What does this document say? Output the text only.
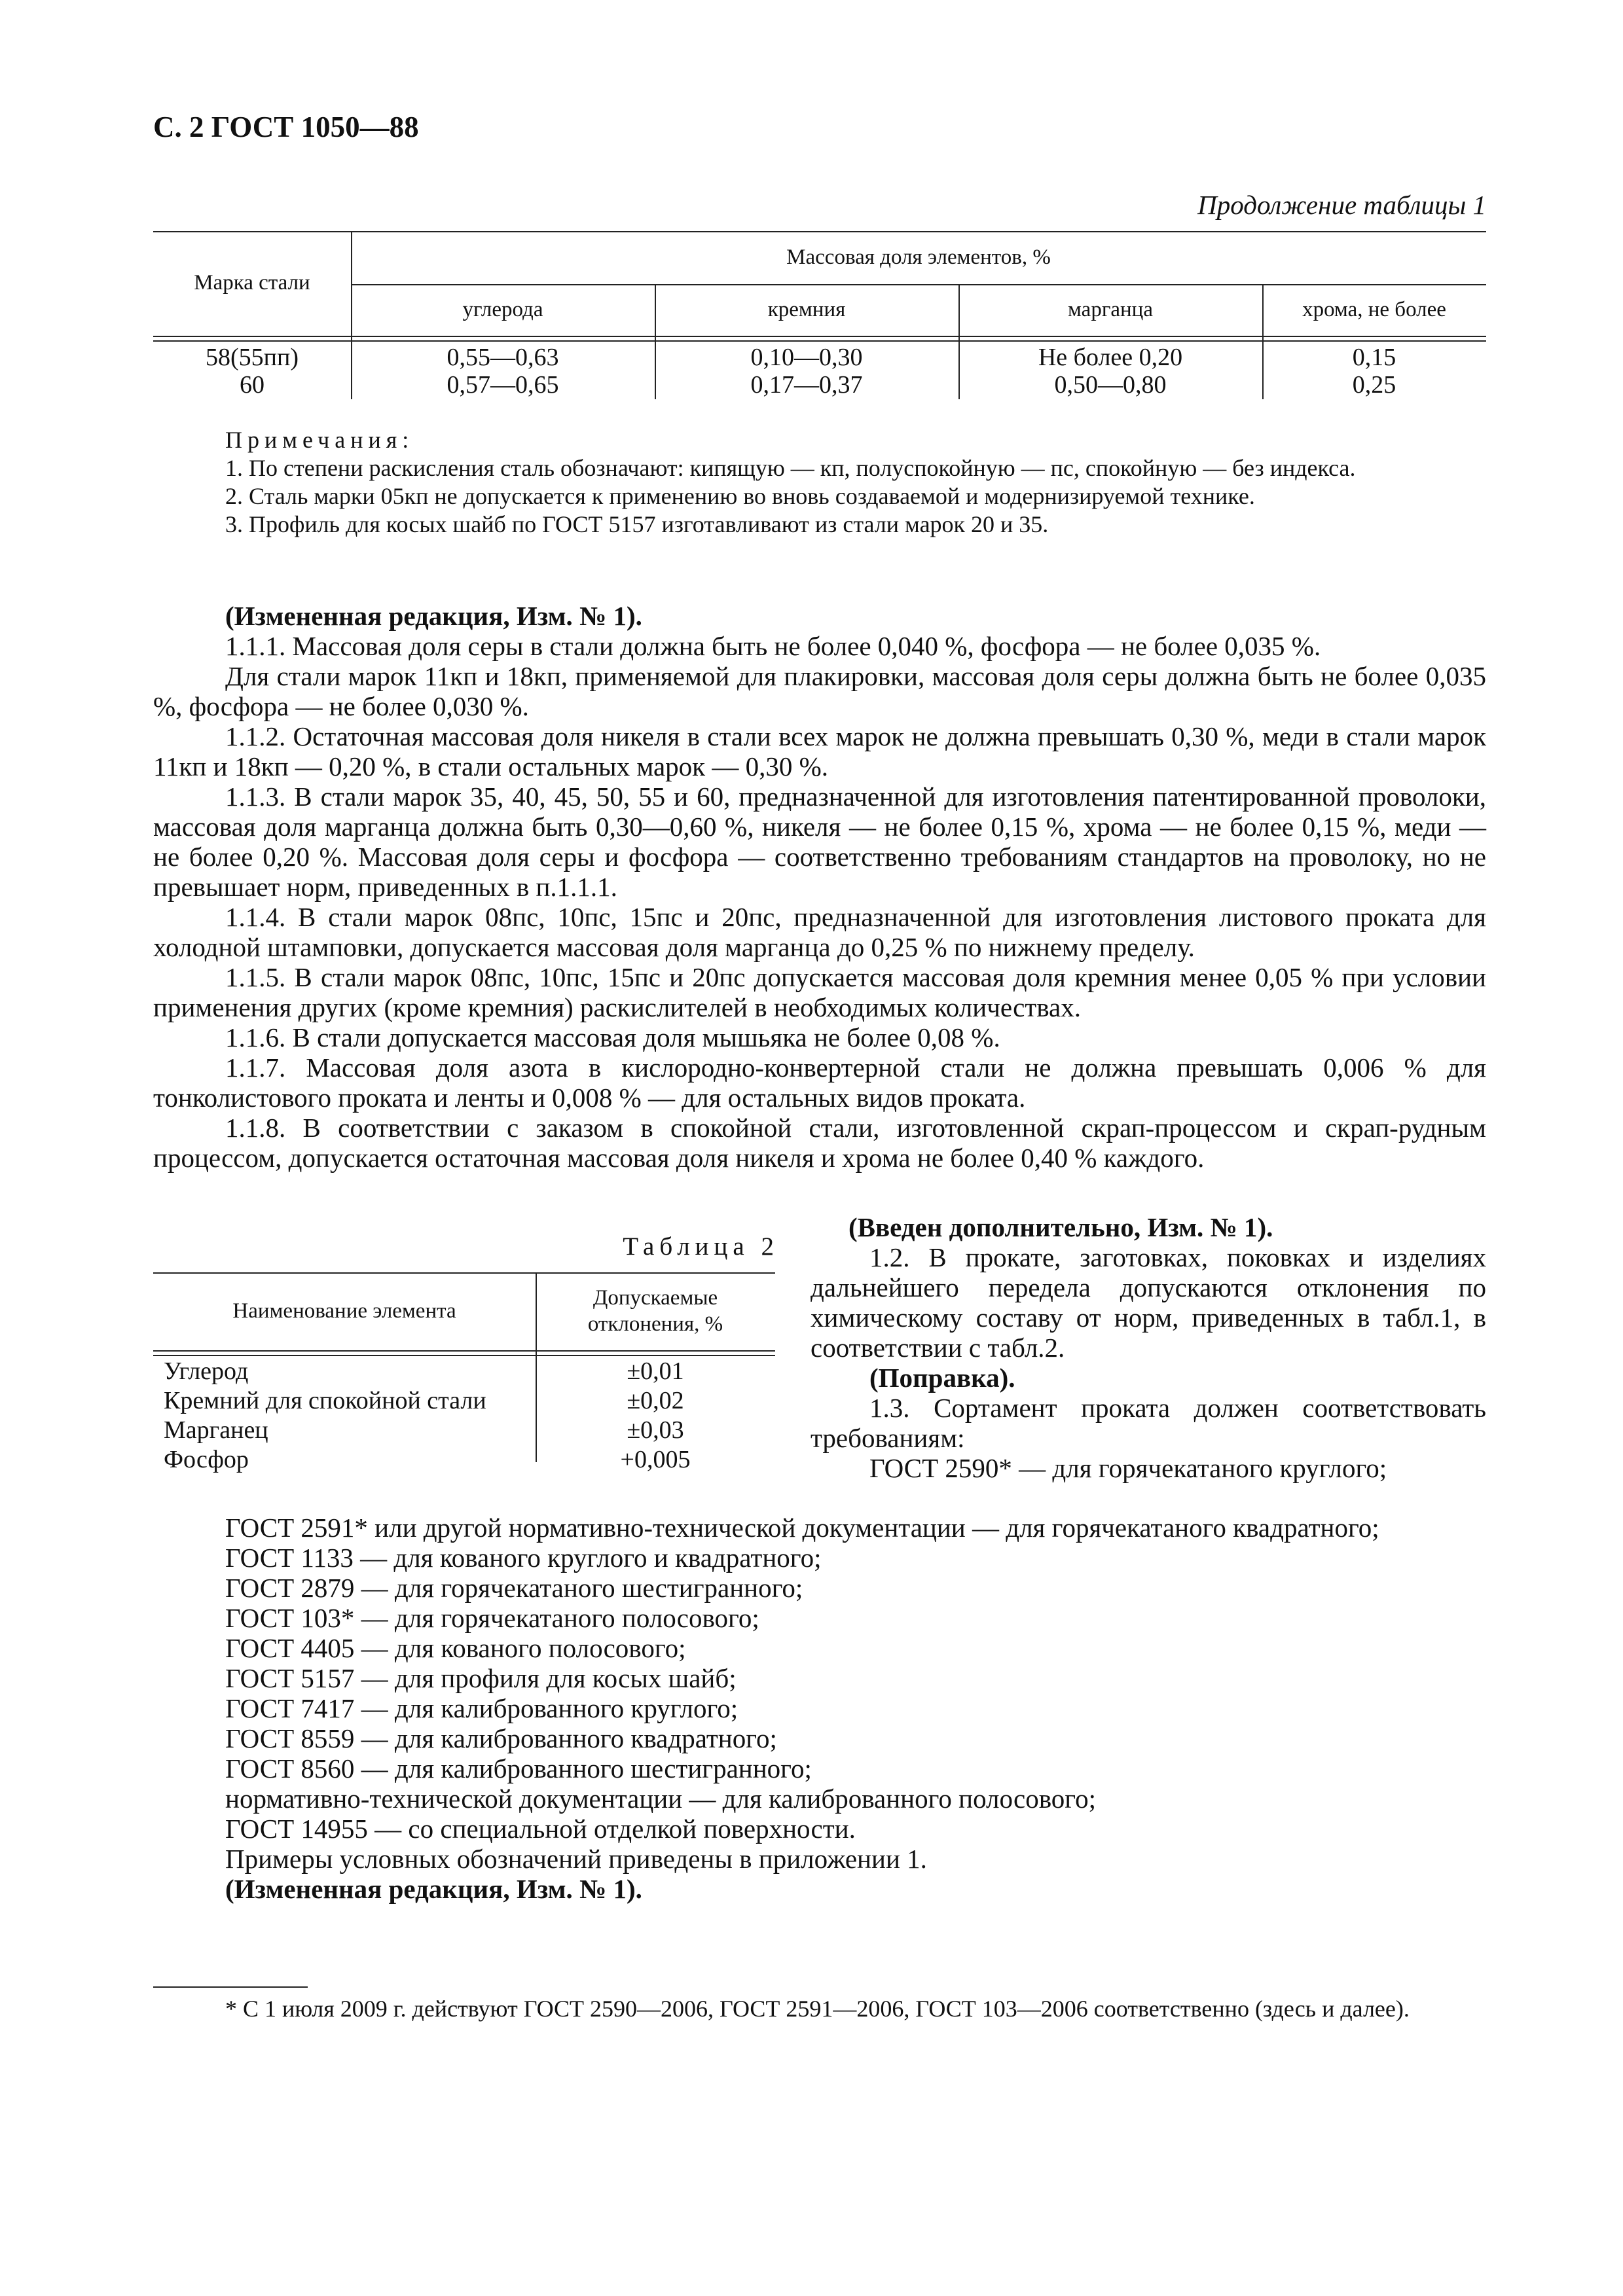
С. 2 ГОСТ 1050—88
Продолжение таблицы 1
Марка стали
Массовая доля элементов, %
углерода	кремния	марганца	хрома, не более
58(55пп)	0,55—0,63	0,10—0,30	Не более 0,20	0,15
60	0,57—0,65	0,17—0,37	0,50—0,80	0,25

Примечания:

1. По степени раскисления сталь обозначают: кипящую — кп, полуспокойную — пс, спокойную — без индекса.

2. Сталь марки 05кп не допускается к применению во вновь создаваемой и модернизируемой технике.

3. Профиль для косых шайб по ГОСТ 5157 изготавливают из стали марок 20 и 35.

(Измененная редакция, Изм. № 1).

1.1.1. Массовая доля серы в стали должна быть не более 0,040 %, фосфора — не более 0,035 %.

Для стали марок 11кп и 18кп, применяемой для плакировки, массовая доля серы должна быть не более 0,035 %, фосфора — не более 0,030 %.

1.1.2. Остаточная массовая доля никеля в стали всех марок не должна превышать 0,30 %, меди в стали марок 11кп и 18кп — 0,20 %, в стали остальных марок — 0,30 %.

1.1.3. В стали марок 35, 40, 45, 50, 55 и 60, предназначенной для изготовления патентированной проволоки, массовая доля марганца должна быть 0,30—0,60 %, никеля — не более 0,15 %, хрома — не более 0,15 %, меди — не более 0,20 %. Массовая доля серы и фосфора — соответственно требованиям стандартов на проволоку, но не превышает норм, приведенных в п.1.1.1.

1.1.4. В стали марок 08пс, 10пс, 15пс и 20пс, предназначенной для изготовления листового проката для холодной штамповки, допускается массовая доля марганца до 0,25 % по нижнему пределу.

1.1.5. В стали марок 08пс, 10пс, 15пс и 20пс допускается массовая доля кремния менее 0,05 % при условии применения других (кроме кремния) раскислителей в необходимых количествах.

1.1.6. В стали допускается массовая доля мышьяка не более 0,08 %.

1.1.7. Массовая доля азота в кислородно-конвертерной стали не должна превышать 0,006 % для тонколистового проката и ленты и 0,008 % — для остальных видов проката.

1.1.8. В соответствии с заказом в спокойной стали, изготовленной скрап-процессом и скрап-рудным процессом, допускается остаточная массовая доля никеля и хрома не более 0,40 % каждого.

Таблица 2
Наименование элемента
Допускаемые отклонения, %
Углерод	±0,01
Кремний для спокойной стали	±0,02
Марганец	±0,03
Фосфор	+0,005

(Введен дополнительно, Изм. № 1).

1.2. В прокате, заготовках, поковках и изделиях дальнейшего передела допускаются отклонения по химическому составу от норм, приведенных в табл.1, в соответствии с табл.2.

(Поправка).

1.3. Сортамент проката должен соответствовать требованиям:

ГОСТ 2590* — для горячекатаного круглого;

ГОСТ 2591* или другой нормативно-технической документации — для горячекатаного квадратного;

ГОСТ 1133 — для кованого круглого и квадратного;

ГОСТ 2879 — для горячекатаного шестигранного;

ГОСТ 103* — для горячекатаного полосового;

ГОСТ 4405 — для кованого полосового;

ГОСТ 5157 — для профиля для косых шайб;

ГОСТ 7417 — для калиброванного круглого;

ГОСТ 8559 — для калиброванного квадратного;

ГОСТ 8560 — для калиброванного шестигранного;

нормативно-технической документации — для калиброванного полосового;

ГОСТ 14955 — со специальной отделкой поверхности.

Примеры условных обозначений приведены в приложении 1.

(Измененная редакция, Изм. № 1).

* С 1 июля 2009 г. действуют ГОСТ 2590—2006, ГОСТ 2591—2006, ГОСТ 103—2006 соответственно (здесь и далее).
